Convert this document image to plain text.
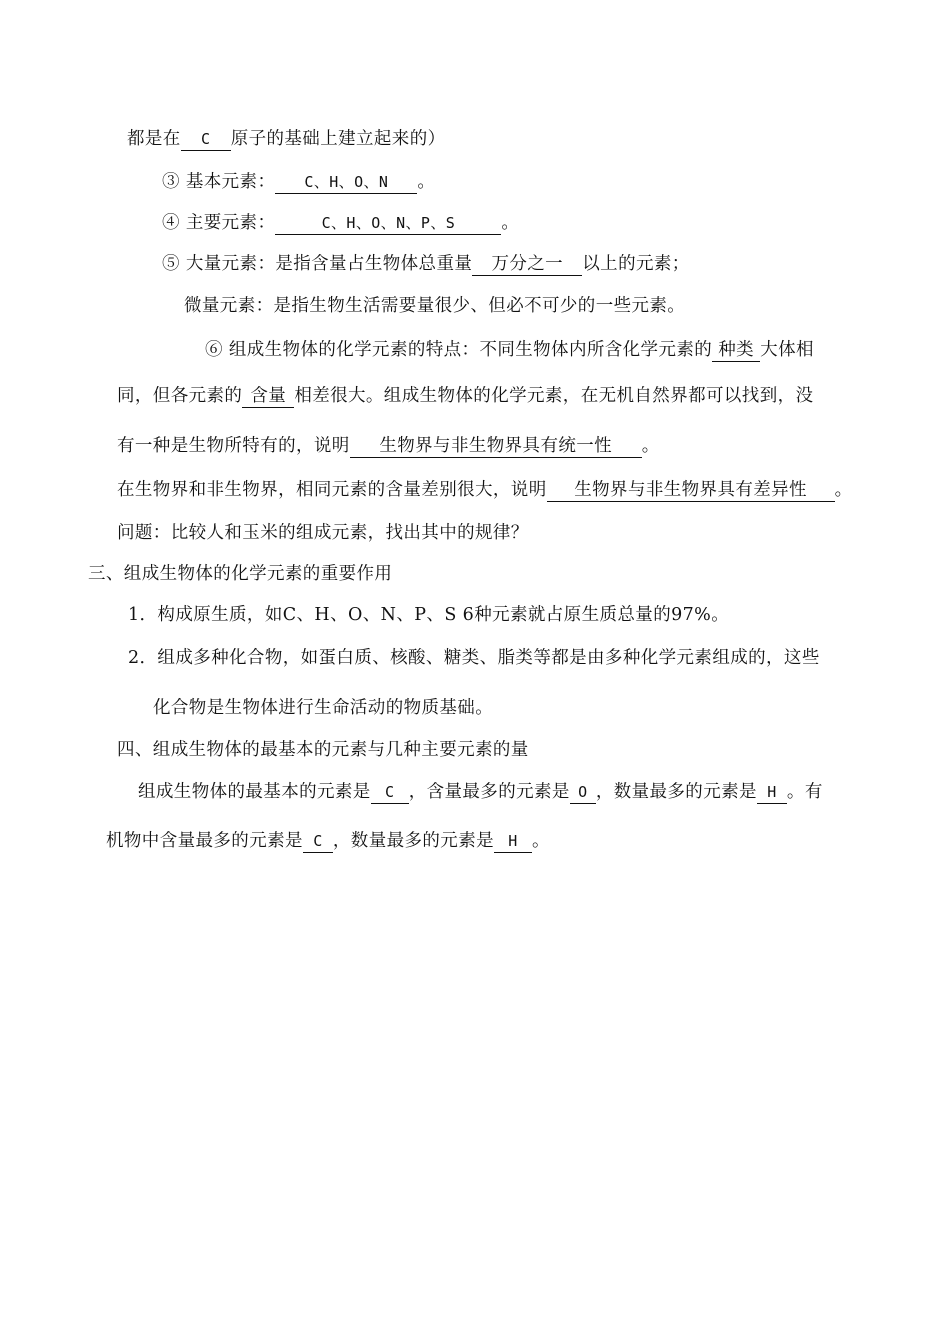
都是在 C 原子的基础上建立起来的）
③ 基本元素： C、H、O、N 。
④ 主要元素：	C、H、O、N、P、S	。
⑤ 大量元素：是指含量占生物体总重量 万分之一 以上的元素；
微量元素：是指生物生活需要量很少、但必不可少的一些元素。
⑥ 组成生物体的化学元素的特点：不同生物体内所含化学元素的 种类 大体相
同，但各元素的 含量 相差很大。组成生物体的化学元素，在无机自然界都可以找到，没
有一种是生物所特有的，说明 生物界与非生物界具有统一性 。
在生物界和非生物界，相同元素的含量差别很大，说明 生物界与非生物界具有差异性 。
问题：比较人和玉米的组成元素，找出其中的规律？
三、组成生物体的化学元素的重要作用
1．构成原生质，如C、H、O、N、P、S 6种元素就占原生质总量的97%。
2．组成多种化合物，如蛋白质、核酸、糖类、脂类等都是由多种化学元素组成的，这些
化合物是生物体进行生命活动的物质基础。
四、组成生物体的最基本的元素与几种主要元素的量
组成生物体的最基本的元素是 C ，含量最多的元素是 O ，数量最多的元素是 H 。有
机物中含量最多的元素是 C ，数量最多的元素是 H 。
